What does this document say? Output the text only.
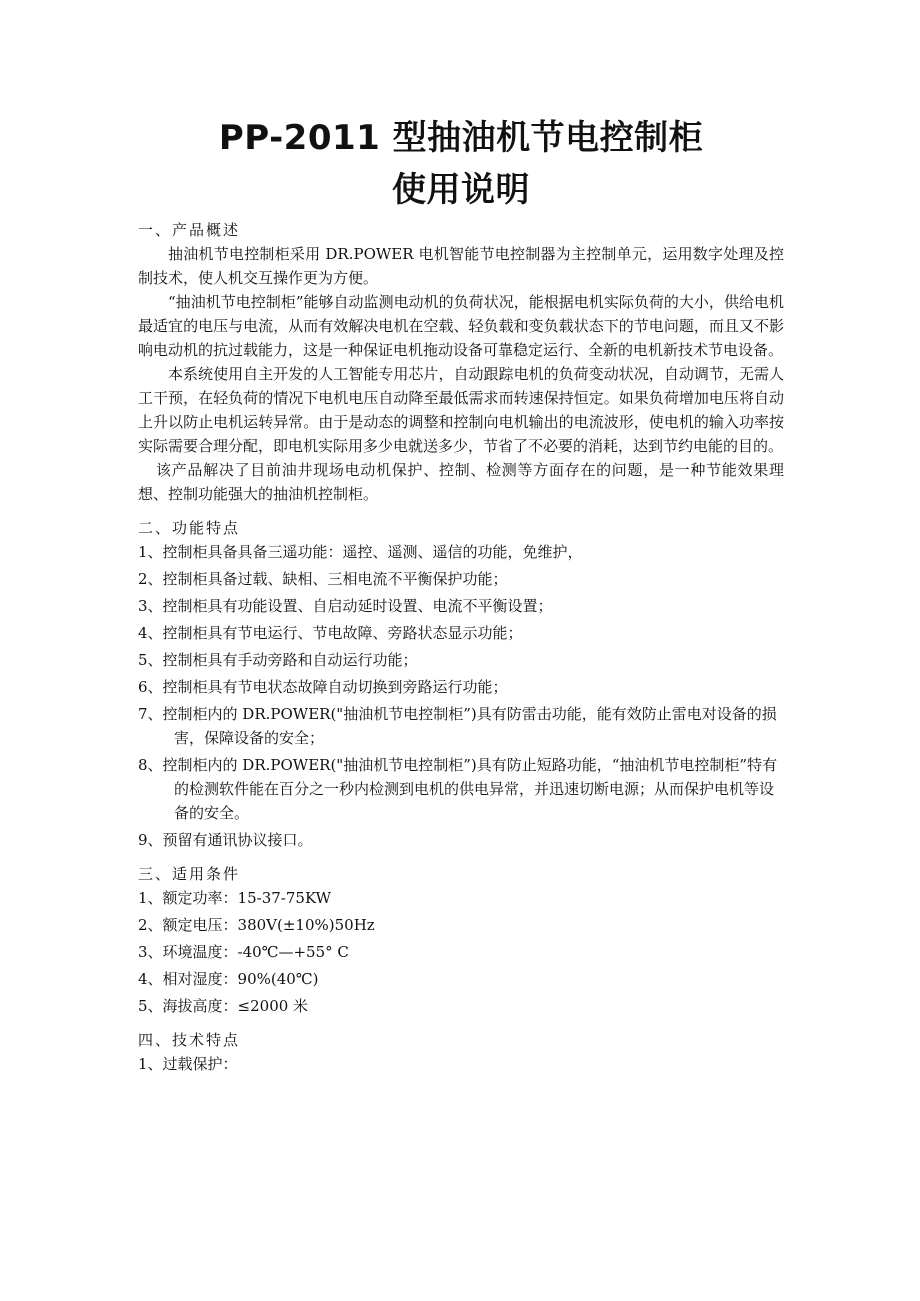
PP-2011 型抽油机节电控制柜
使用说明
一、产品概述

抽油机节电控制柜采用 DR.POWER 电机智能节电控制器为主控制单元，运用数字处理及控制技术，使人机交互操作更为方便。

“抽油机节电控制柜”能够自动监测电动机的负荷状况，能根据电机实际负荷的大小，供给电机最适宜的电压与电流，从而有效解决电机在空载、轻负载和变负载状态下的节电问题，而且又不影响电动机的抗过载能力，这是一种保证电机拖动设备可靠稳定运行、全新的电机新技术节电设备。

本系统使用自主开发的人工智能专用芯片，自动跟踪电机的负荷变动状况，自动调节，无需人工干预，在轻负荷的情况下电机电压自动降至最低需求而转速保持恒定。如果负荷增加电压将自动上升以防止电机运转异常。由于是动态的调整和控制向电机输出的电流波形，使电机的输入功率按实际需要合理分配，即电机实际用多少电就送多少，节省了不必要的消耗，达到节约电能的目的。

该产品解决了目前油井现场电动机保护、控制、检测等方面存在的问题，是一种节能效果理想、控制功能强大的抽油机控制柜。

二、功能特点
1、控制柜具备具备三遥功能：遥控、遥测、遥信的功能，免维护，
2、控制柜具备过载、缺相、三相电流不平衡保护功能；
3、控制柜具有功能设置、自启动延时设置、电流不平衡设置；
4、控制柜具有节电运行、节电故障、旁路状态显示功能；
5、控制柜具有手动旁路和自动运行功能；
6、控制柜具有节电状态故障自动切换到旁路运行功能；
7、控制柜内的 DR.POWER("抽油机节电控制柜”)具有防雷击功能，能有效防止雷电对设备的损害，保障设备的安全；
8、控制柜内的 DR.POWER("抽油机节电控制柜”)具有防止短路功能，“抽油机节电控制柜”特有的检测软件能在百分之一秒内检测到电机的供电异常，并迅速切断电源；从而保护电机等设备的安全。
9、预留有通讯协议接口。
三、适用条件
1、额定功率：15-37-75KW
2、额定电压：380V(±10%)50Hz
3、环境温度：-40℃—+55° C
4、相对湿度：90%(40℃)
5、海拔高度：≤2000 米
四、技术特点
1、过载保护：
